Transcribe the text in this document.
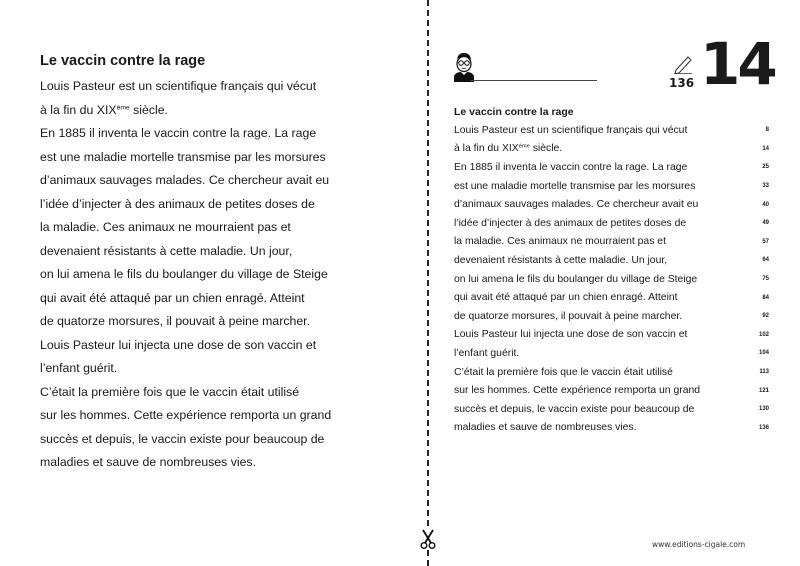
Le vaccin contre la rage
Louis Pasteur est un scientifique français qui vécut
à la fin du XIXème siècle.
En 1885 il inventa le vaccin contre la rage. La rage
est une maladie mortelle transmise par les morsures
d’animaux sauvages malades. Ce chercheur avait eu
l’idée d’injecter à des animaux de petites doses de
la maladie. Ces animaux ne mourraient pas et
devenaient résistants à cette maladie. Un jour,
on lui amena le fils du boulanger du village de Steige
qui avait été attaqué par un chien enragé. Atteint
de quatorze morsures, il pouvait à peine marcher.
Louis Pasteur lui injecta une dose de son vaccin et
l’enfant guérit.
C’était la première fois que le vaccin était utilisé
sur les hommes. Cette expérience remporta un grand
succès et depuis, le vaccin existe pour beaucoup de
maladies et sauve de nombreuses vies.
136 14
Le vaccin contre la rage
Louis Pasteur est un scientifique français qui vécut	8
à la fin du XIXème siècle.	14
En 1885 il inventa le vaccin contre la rage. La rage	25
est une maladie mortelle transmise par les morsures	33
d’animaux sauvages malades. Ce chercheur avait eu	40
l’idée d’injecter à des animaux de petites doses de	49
la maladie. Ces animaux ne mourraient pas et	57
devenaient résistants à cette maladie. Un jour,	64
on lui amena le fils du boulanger du village de Steige	75
qui avait été attaqué par un chien enragé. Atteint	84
de quatorze morsures, il pouvait à peine marcher.	92
Louis Pasteur lui injecta une dose de son vaccin et	102
l’enfant guérit.	104
C’était la première fois que le vaccin était utilisé	113
sur les hommes. Cette expérience remporta un grand	121
succès et depuis, le vaccin existe pour beaucoup de	130
maladies et sauve de nombreuses vies.	136
www.editions-cigale.com
